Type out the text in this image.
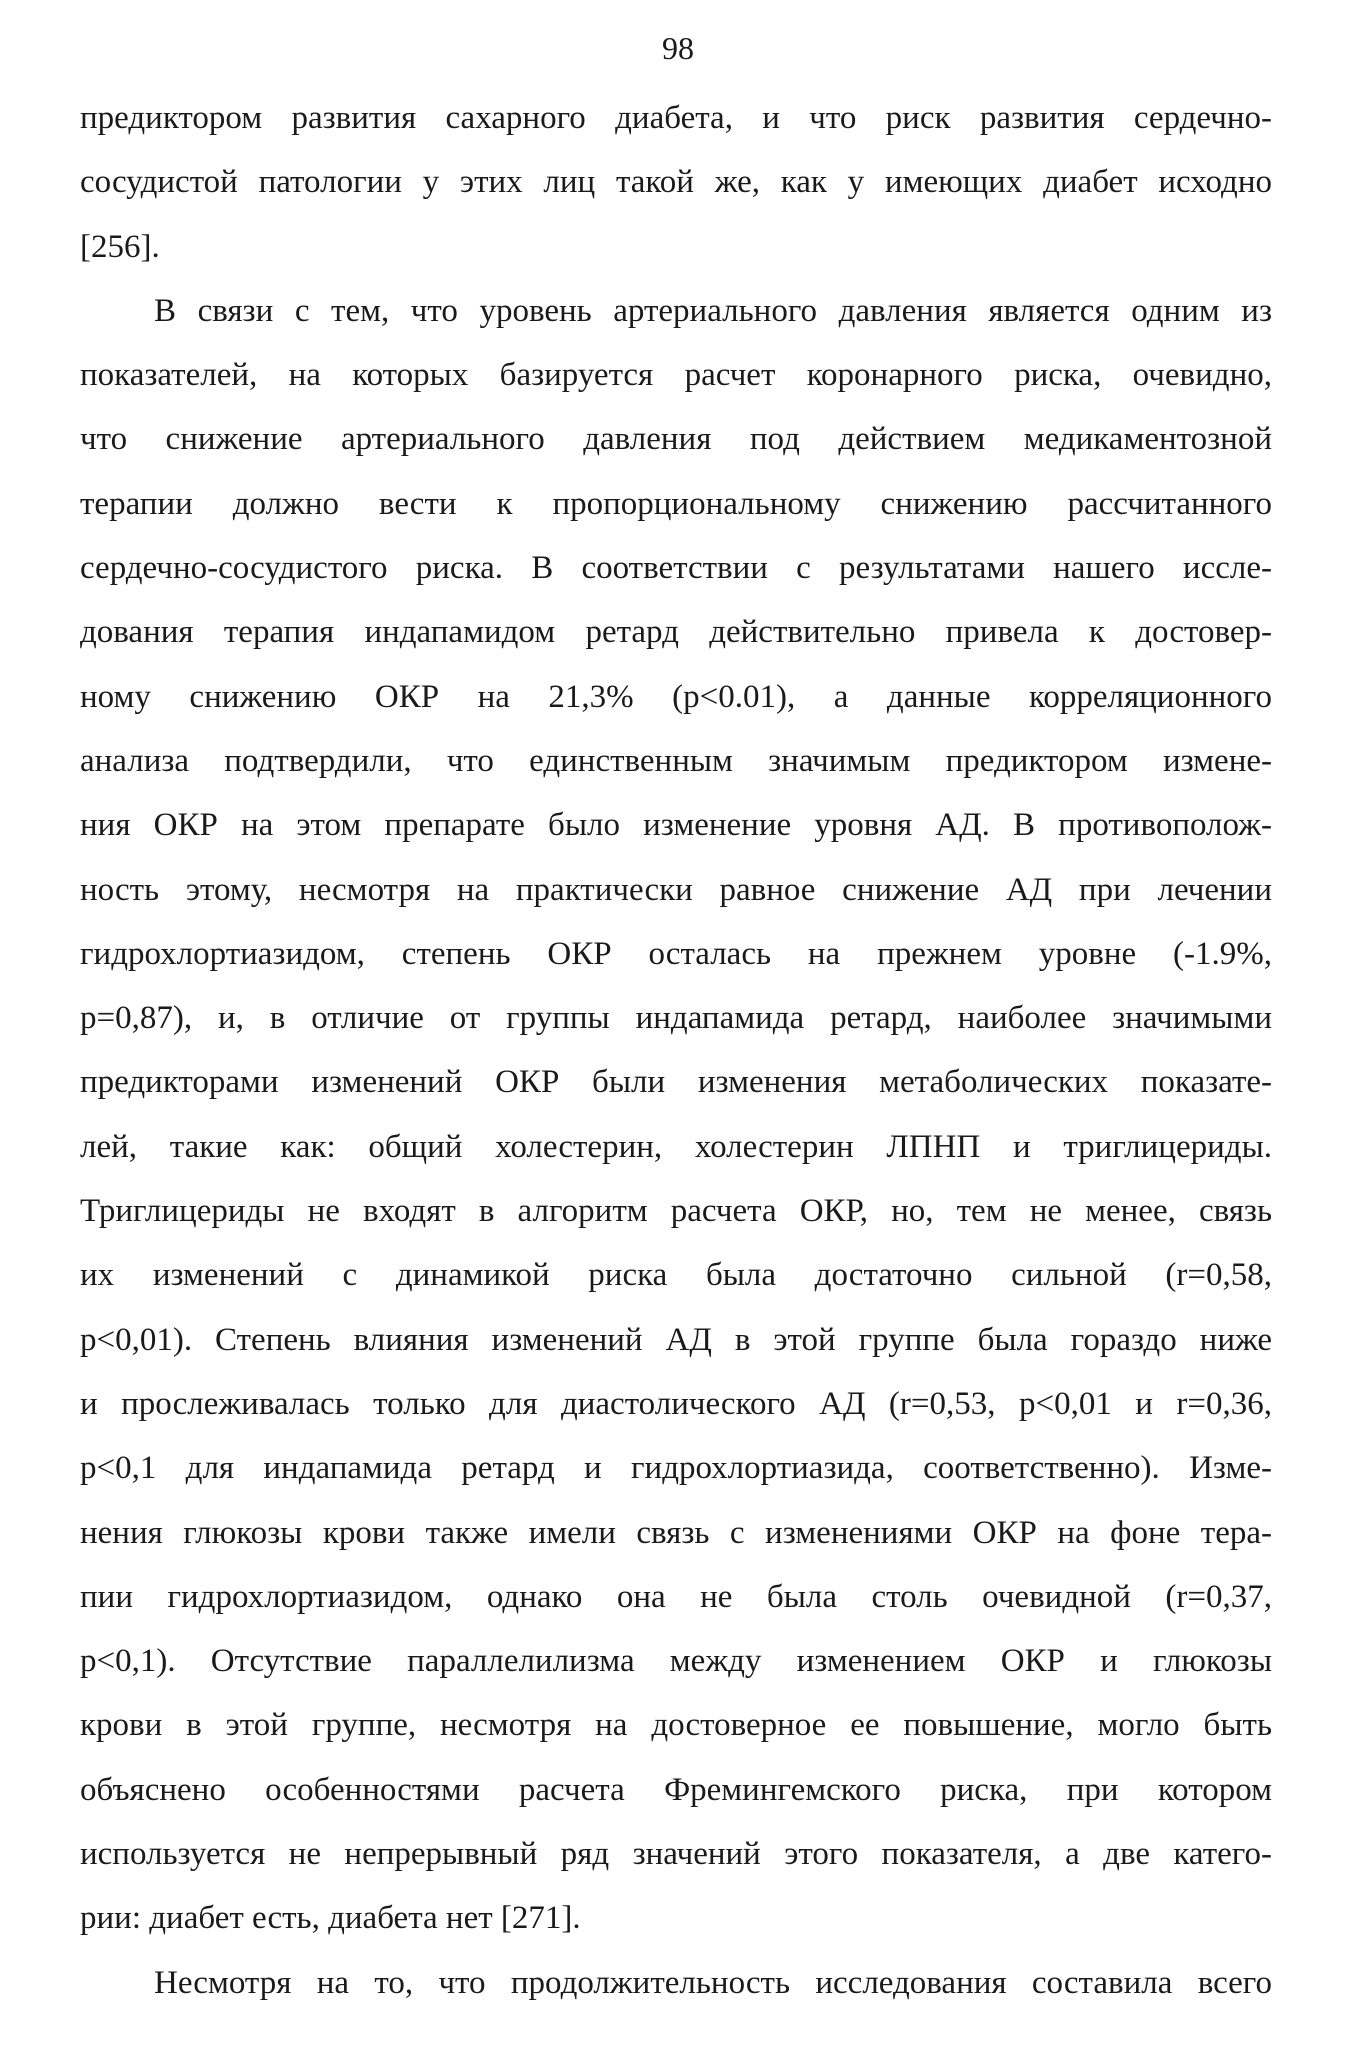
98
предиктором развития сахарного диабета, и что риск развития сердечно-
сосудистой патологии у этих лиц такой же, как у имеющих диабет исходно
[256].
В связи с тем, что уровень артериального давления является одним из
показателей, на которых базируется расчет коронарного риска, очевидно,
что снижение артериального давления под действием медикаментозной
терапии должно вести к пропорциональному снижению рассчитанного
сердечно-сосудистого риска. В соответствии с результатами нашего иссле-
дования терапия индапамидом ретард действительно привела к достовер-
ному снижению ОКР на 21,3% (p<0.01), а данные корреляционного
анализа подтвердили, что единственным значимым предиктором измене-
ния ОКР на этом препарате было изменение уровня АД. В противополож-
ность этому, несмотря на практически равное снижение АД при лечении
гидрохлортиазидом, степень ОКР осталась на прежнем уровне (-1.9%,
p=0,87), и, в отличие от группы индапамида ретард, наиболее значимыми
предикторами изменений ОКР были изменения метаболических показате-
лей, такие как: общий холестерин, холестерин ЛПНП и триглицериды.
Триглицериды не входят в алгоритм расчета ОКР, но, тем не менее, связь
их изменений с динамикой риска была достаточно сильной (r=0,58,
p<0,01). Степень влияния изменений АД в этой группе была гораздо ниже
и прослеживалась только для диастолического АД (r=0,53, p<0,01 и r=0,36,
p<0,1 для индапамида ретард и гидрохлортиазида, соответственно). Изме-
нения глюкозы крови также имели связь с изменениями ОКР на фоне тера-
пии гидрохлортиазидом, однако она не была столь очевидной (r=0,37,
p<0,1). Отсутствие параллелилизма между изменением ОКР и глюкозы
крови в этой группе, несмотря на достоверное ее повышение, могло быть
объяснено особенностями расчета Фремингемского риска, при котором
используется не непрерывный ряд значений этого показателя, а две катего-
рии: диабет есть, диабета нет [271].
Несмотря на то, что продолжительность исследования составила всего
